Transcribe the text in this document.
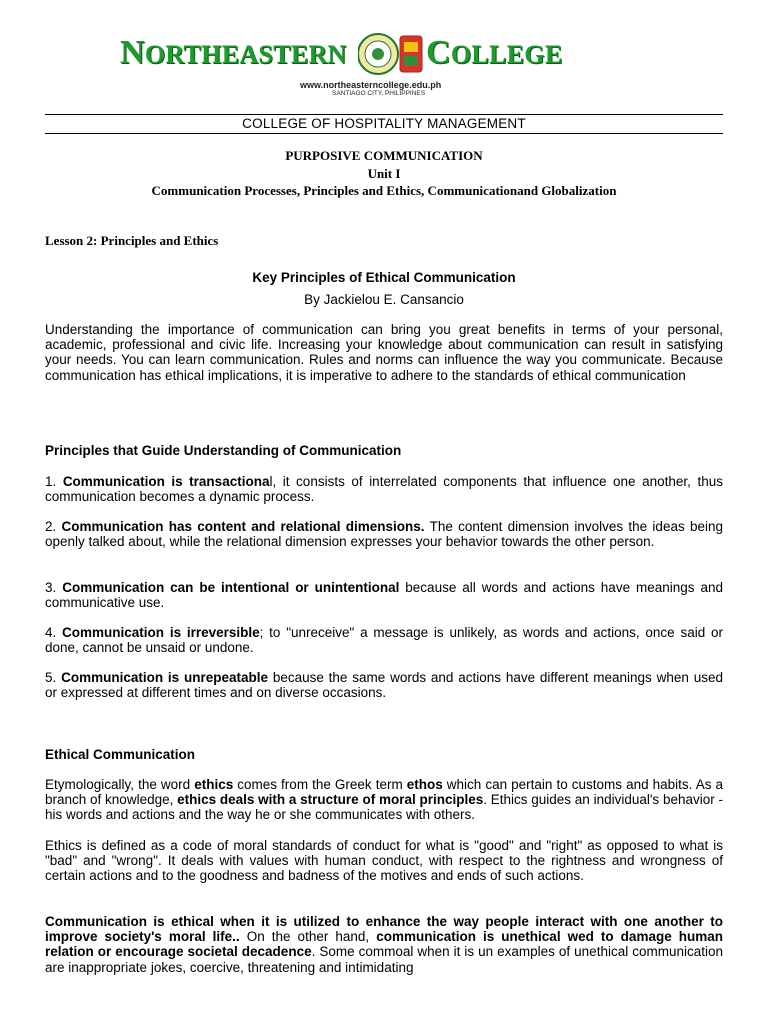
NORTHEASTERN COLLEGE
www.northeasterncollege.edu.ph
SANTIAGO CITY, PHILIPPINES
COLLEGE OF HOSPITALITY MANAGEMENT
PURPOSIVE COMMUNICATION
Unit I
Communication Processes, Principles and Ethics, Communicationand Globalization
Lesson 2: Principles and Ethics
Key Principles of Ethical Communication
By Jackielou E. Cansancio
Understanding the importance of communication can bring you great benefits in terms of your personal, academic, professional and civic life. Increasing your knowledge about communication can result in satisfying your needs. You can learn communication. Rules and norms can influence the way you communicate. Because communication has ethical implications, it is imperative to adhere to the standards of ethical communication
Principles that Guide Understanding of Communication
1. Communication is transactional, it consists of interrelated components that influence one another, thus communication becomes a dynamic process.
2. Communication has content and relational dimensions. The content dimension involves the ideas being openly talked about, while the relational dimension expresses your behavior towards the other person.
3. Communication can be intentional or unintentional because all words and actions have meanings and communicative use.
4. Communication is irreversible; to "unreceive" a message is unlikely, as words and actions, once said or done, cannot be unsaid or undone.
5. Communication is unrepeatable because the same words and actions have different meanings when used or expressed at different times and on diverse occasions.
Ethical Communication
Etymologically, the word ethics comes from the Greek term ethos which can pertain to customs and habits. As a branch of knowledge, ethics deals with a structure of moral principles. Ethics guides an individual's behavior - his words and actions and the way he or she communicates with others.
Ethics is defined as a code of moral standards of conduct for what is "good" and "right" as opposed to what is "bad" and "wrong". It deals with values with human conduct, with respect to the rightness and wrongness of certain actions and to the goodness and badness of the motives and ends of such actions.
Communication is ethical when it is utilized to enhance the way people interact with one another to improve society's moral life.. On the other hand, communication is unethical wed to damage human relation or encourage societal decadence. Some commoal when it is un examples of unethical communication are inappropriate jokes, coercive, threatening and intimidating
